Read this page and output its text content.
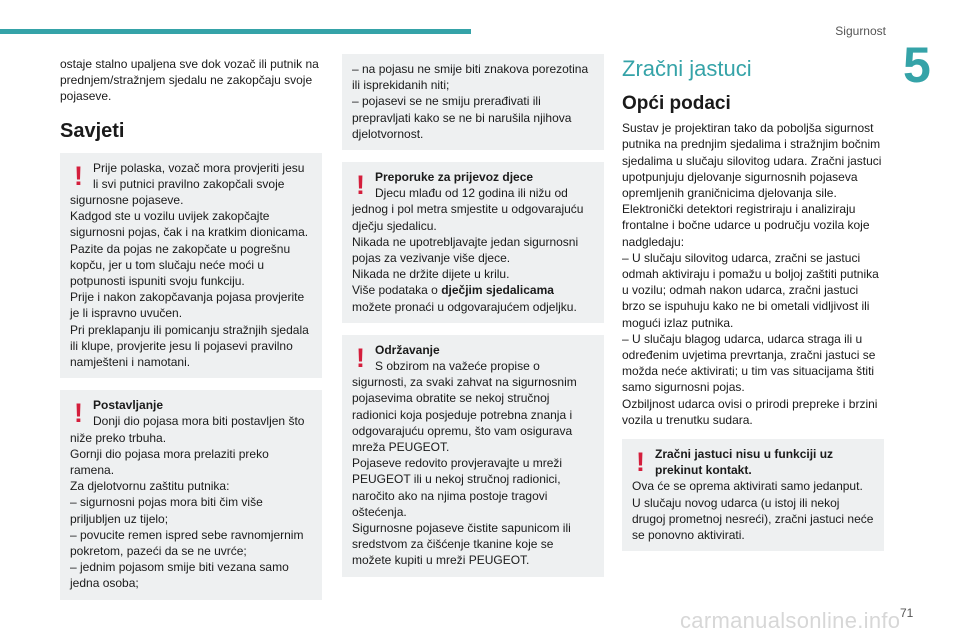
Sigurnost
5

ostaje stalno upaljena sve dok vozač ili putnik na prednjem/stražnjem sjedalu ne zakopčaju svoje pojaseve.

Savjeti
! Prije polaska, vozač mora provjeriti jesu li svi putnici pravilno zakopčali svoje sigurnosne pojaseve.
Kadgod ste u vozilu uvijek zakopčajte sigurnosni pojas, čak i na kratkim dionicama.
Pazite da pojas ne zakopčate u pogrešnu kopču, jer u tom slučaju neće moći u potpunosti ispuniti svoju funkciju.
Prije i nakon zakopčavanja pojasa provjerite je li ispravno uvučen.
Pri preklapanju ili pomicanju stražnjih sjedala ili klupe, provjerite jesu li pojasevi pravilno namješteni i namotani.
! Postavljanje
Donji dio pojasa mora biti postavljen što niže preko trbuha.
Gornji dio pojasa mora prelaziti preko ramena.
Za djelotvornu zaštitu putnika:
– sigurnosni pojas mora biti čim više priljubljen uz tijelo;
– povucite remen ispred sebe ravnomjernim pokretom, pazeći da se ne uvrće;
– jednim pojasom smije biti vezana samo jedna osoba;
– na pojasu ne smije biti znakova porezotina ili isprekidanih niti;
– pojasevi se ne smiju prerađivati ili prepravljati kako se ne bi narušila njihova djelotvornost.
! Preporuke za prijevoz djece
Djecu mlađu od 12 godina ili nižu od jednog i pol metra smjestite u odgovarajuću dječju sjedalicu.
Nikada ne upotrebljavajte jedan sigurnosni pojas za vezivanje više djece.
Nikada ne držite dijete u krilu.
Više podataka o dječjim sjedalicama možete pronaći u odgovarajućem odjeljku.
! Održavanje
S obzirom na važeće propise o sigurnosti, za svaki zahvat na sigurnosnim pojasevima obratite se nekoj stručnoj radionici koja posjeduje potrebna znanja i odgovarajuću opremu, što vam osigurava mreža PEUGEOT.
Pojaseve redovito provjeravajte u mreži PEUGEOT ili u nekoj stručnoj radionici, naročito ako na njima postoje tragovi oštećenja.
Sigurnosne pojaseve čistite sapunicom ili sredstvom za čišćenje tkanine koje se možete kupiti u mreži PEUGEOT.
Zračni jastuci
Opći podaci

Sustav je projektiran tako da poboljša sigurnost putnika na prednjim sjedalima i stražnjim bočnim sjedalima u slučaju silovitog udara. Zračni jastuci upotpunjuju djelovanje sigurnosnih pojaseva opremljenih graničnicima djelovanja sile.
Elektronički detektori registriraju i analiziraju frontalne i bočne udarce u području vozila koje nadgledaju:
– U slučaju silovitog udarca, zračni se jastuci odmah aktiviraju i pomažu u boljoj zaštiti putnika u vozilu; odmah nakon udarca, zračni jastuci brzo se ispuhuju kako ne bi ometali vidljivost ili mogući izlaz putnika.
– U slučaju blagog udarca, udarca straga ili u određenim uvjetima prevrtanja, zračni jastuci se možda neće aktivirati; u tim vas situacijama štiti samo sigurnosni pojas.
Ozbiljnost udarca ovisi o prirodi prepreke i brzini vozila u trenutku sudara.

! Zračni jastuci nisu u funkciji uz prekinut kontakt.
Ova će se oprema aktivirati samo jedanput. U slučaju novog udarca (u istoj ili nekoj drugoj prometnoj nesreći), zračni jastuci neće se ponovno aktivirati.
carmanualsonline.info 71
